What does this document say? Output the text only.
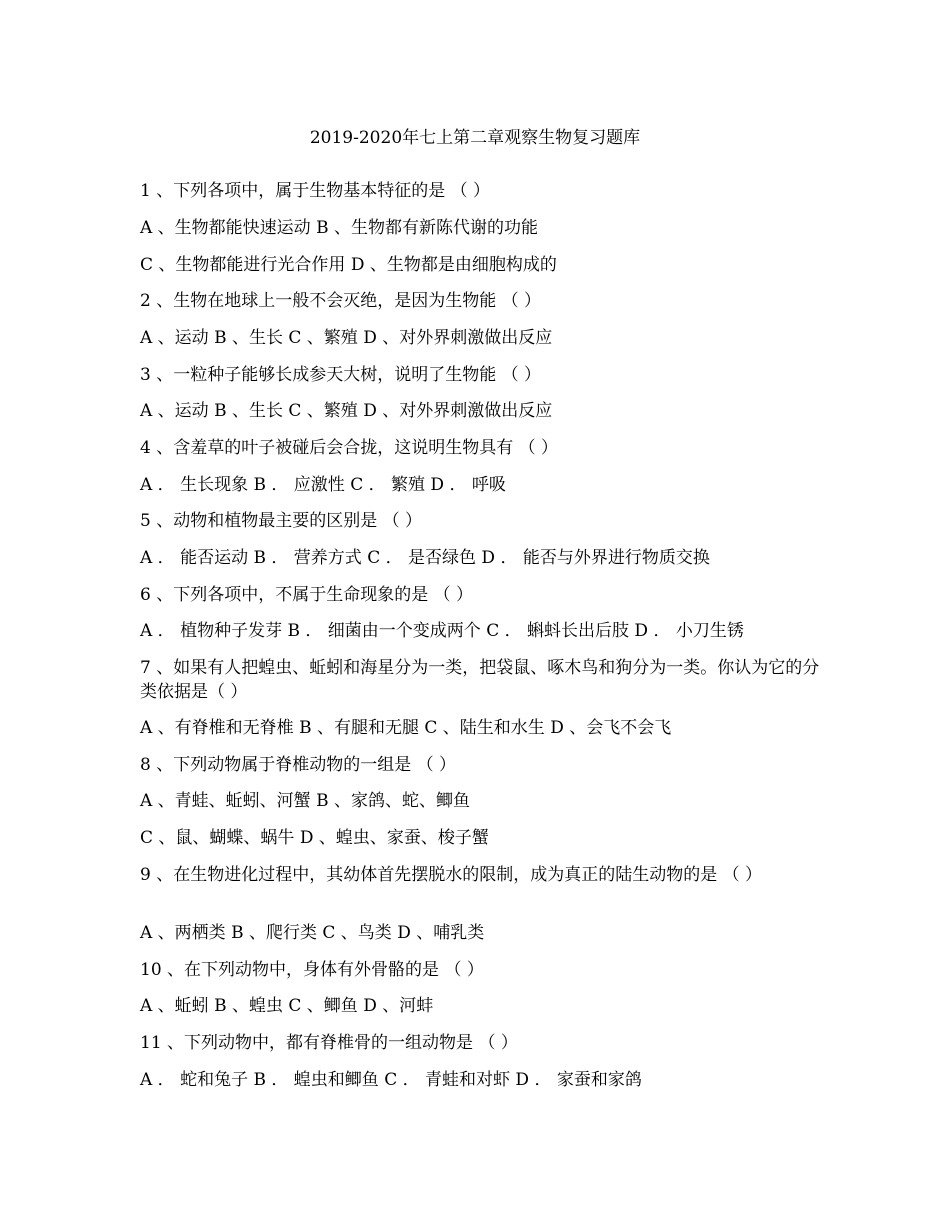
2019-2020年七上第二章观察生物复习题库
1 、下列各项中，属于生物基本特征的是 （ ）
A 、生物都能快速运动 B 、生物都有新陈代谢的功能
C 、生物都能进行光合作用 D 、生物都是由细胞构成的
2 、生物在地球上一般不会灭绝，是因为生物能 （ ）
A 、运动 B 、生长 C 、繁殖 D 、对外界刺激做出反应
3 、一粒种子能够长成参天大树，说明了生物能 （ ）
A 、运动 B 、生长 C 、繁殖 D 、对外界刺激做出反应
4 、含羞草的叶子被碰后会合拢，这说明生物具有 （ ）
A ． 生长现象 B ． 应激性 C ． 繁殖 D ． 呼吸
5 、动物和植物最主要的区别是 （ ）
A ． 能否运动 B ． 营养方式 C ． 是否绿色 D ． 能否与外界进行物质交换
6 、下列各项中，不属于生命现象的是 （ ）
A ． 植物种子发芽 B ． 细菌由一个变成两个 C ． 蝌蚪长出后肢 D ． 小刀生锈
7 、如果有人把蝗虫、蚯蚓和海星分为一类，把袋鼠、啄木鸟和狗分为一类。你认为它的分类依据是（ ）
A 、有脊椎和无脊椎 B 、有腿和无腿 C 、陆生和水生 D 、会飞不会飞
8 、下列动物属于脊椎动物的一组是 （ ）
A 、青蛙、蚯蚓、河蟹 B 、家鸽、蛇、鲫鱼
C 、鼠、蝴蝶、蜗牛 D 、蝗虫、家蚕、梭子蟹
9 、在生物进化过程中，其幼体首先摆脱水的限制，成为真正的陆生动物的是 （ ）
A 、两栖类 B 、爬行类 C 、鸟类 D 、哺乳类
10 、在下列动物中，身体有外骨骼的是 （ ）
A 、蚯蚓 B 、蝗虫 C 、鲫鱼 D 、河蚌
11 、下列动物中，都有脊椎骨的一组动物是 （ ）
A ． 蛇和兔子 B ． 蝗虫和鲫鱼 C ． 青蛙和对虾 D ． 家蚕和家鸽
